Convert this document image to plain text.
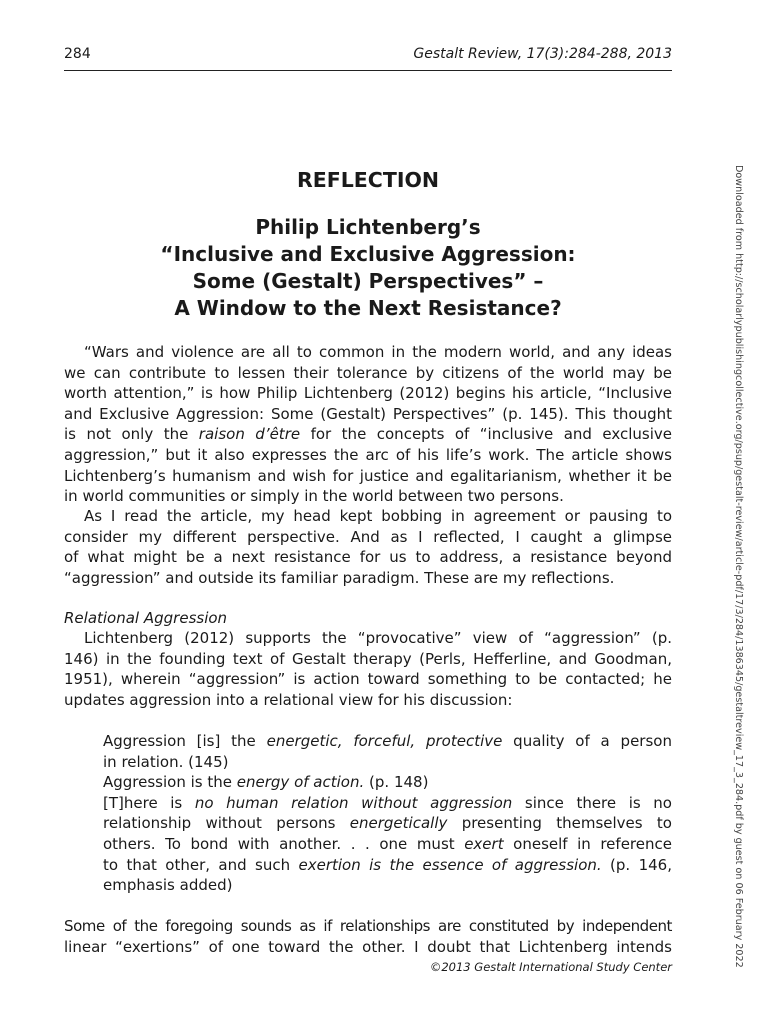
284	Gestalt Review, 17(3):284-288, 2013
REFLECTION
Philip Lichtenberg’s
“Inclusive and Exclusive Aggression:
Some (Gestalt) Perspectives” –
A Window to the Next Resistance?
“Wars and violence are all to common in the modern world, and any ideas
we can contribute to lessen their tolerance by citizens of the world may be
worth attention,” is how Philip Lichtenberg (2012) begins his article, “Inclusive
and Exclusive Aggression: Some (Gestalt) Perspectives” (p. 145). This thought
is not only the raison d’être for the concepts of “inclusive and exclusive
aggression,” but it also expresses the arc of his life’s work. The article shows
Lichtenberg’s humanism and wish for justice and egalitarianism, whether it be
in world communities or simply in the world between two persons.
As I read the article, my head kept bobbing in agreement or pausing to
consider my different perspective. And as I reflected, I caught a glimpse
of what might be a next resistance for us to address, a resistance beyond
“aggression” and outside its familiar paradigm. These are my reflections.
Relational Aggression
Lichtenberg (2012) supports the “provocative” view of “aggression” (p.
146) in the founding text of Gestalt therapy (Perls, Hefferline, and Goodman,
1951), wherein “aggression” is action toward something to be contacted; he
updates aggression into a relational view for his discussion:
Aggression [is] the energetic, forceful, protective quality of a person
in relation. (145)
Aggression is the energy of action. (p. 148)
[T]here is no human relation without aggression since there is no
relationship without persons energetically presenting themselves to
others. To bond with another. . . one must exert oneself in reference
to that other, and such exertion is the essence of aggression. (p. 146,
emphasis added)
Some of the foregoing sounds as if relationships are constituted by independent
linear “exertions” of one toward the other. I doubt that Lichtenberg intends
©2013 Gestalt International Study Center	Downloaded from http://scholarlypublishingcollective.org/psup/gestalt-review/article-pdf/17/3/284/1386345/gestaltreview_17_3_284.pdf by guest on 06 February 2022
